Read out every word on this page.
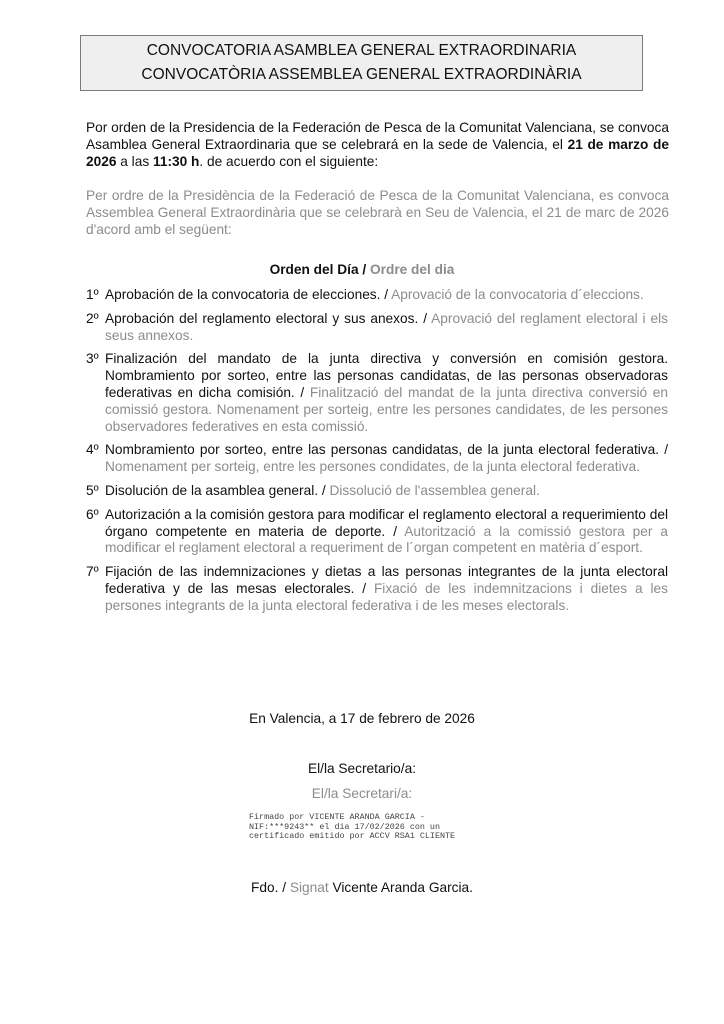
CONVOCATORIA ASAMBLEA GENERAL EXTRAORDINARIA
CONVOCATÒRIA ASSEMBLEA GENERAL EXTRAORDINÀRIA
Por orden de la Presidencia de la Federación de Pesca de la Comunitat Valenciana, se convoca Asamblea General Extraordinaria que se celebrará en la sede de Valencia, el 21 de marzo de 2026 a las 11:30 h. de acuerdo con el siguiente:
Per ordre de la Presidència de la Federació de Pesca de la Comunitat Valenciana, es convoca Assemblea General Extraordinària que se celebrarà en Seu de Valencia, el 21 de marc de 2026 d'acord amb el següent:
Orden del Día / Ordre del dia
1º Aprobación de la convocatoria de elecciones. / Aprovació de la convocatoria d´eleccions.
2º Aprobación del reglamento electoral y sus anexos. / Aprovació del reglament electoral i els seus annexos.
3º Finalización del mandato de la junta directiva y conversión en comisión gestora. Nombramiento por sorteo, entre las personas candidatas, de las personas observadoras federativas en dicha comisión. / Finalització del mandat de la junta directiva conversió en comissió gestora. Nomenament per sorteig, entre les persones candidates, de les persones observadores federatives en esta comissió.
4º Nombramiento por sorteo, entre las personas candidatas, de la junta electoral federativa. / Nomenament per sorteig, entre les persones condidates, de la junta electoral federativa.
5º Disolución de la asamblea general. / Dissolució de l'assemblea general.
6º Autorización a la comisión gestora para modificar el reglamento electoral a requerimiento del órgano competente en materia de deporte. / Autorització a la comissió gestora per a modificar el reglament electoral a requeriment de l´organ competent en matèria d´esport.
7º Fijación de las indemnizaciones y dietas a las personas integrantes de la junta electoral federativa y de las mesas electorales. / Fixació de les indemnitzacions i dietes a les persones integrants de la junta electoral federativa i de les meses electorals.
En Valencia, a 17 de febrero de 2026
El/la Secretario/a:
El/la Secretari/a:
Firmado por VICENTE ARANDA GARCIA -
NIF:***9243** el dia 17/02/2026 con un
certificado emitido por ACCV RSA1 CLIENTE
Fdo. / Signat Vicente Aranda Garcia.
